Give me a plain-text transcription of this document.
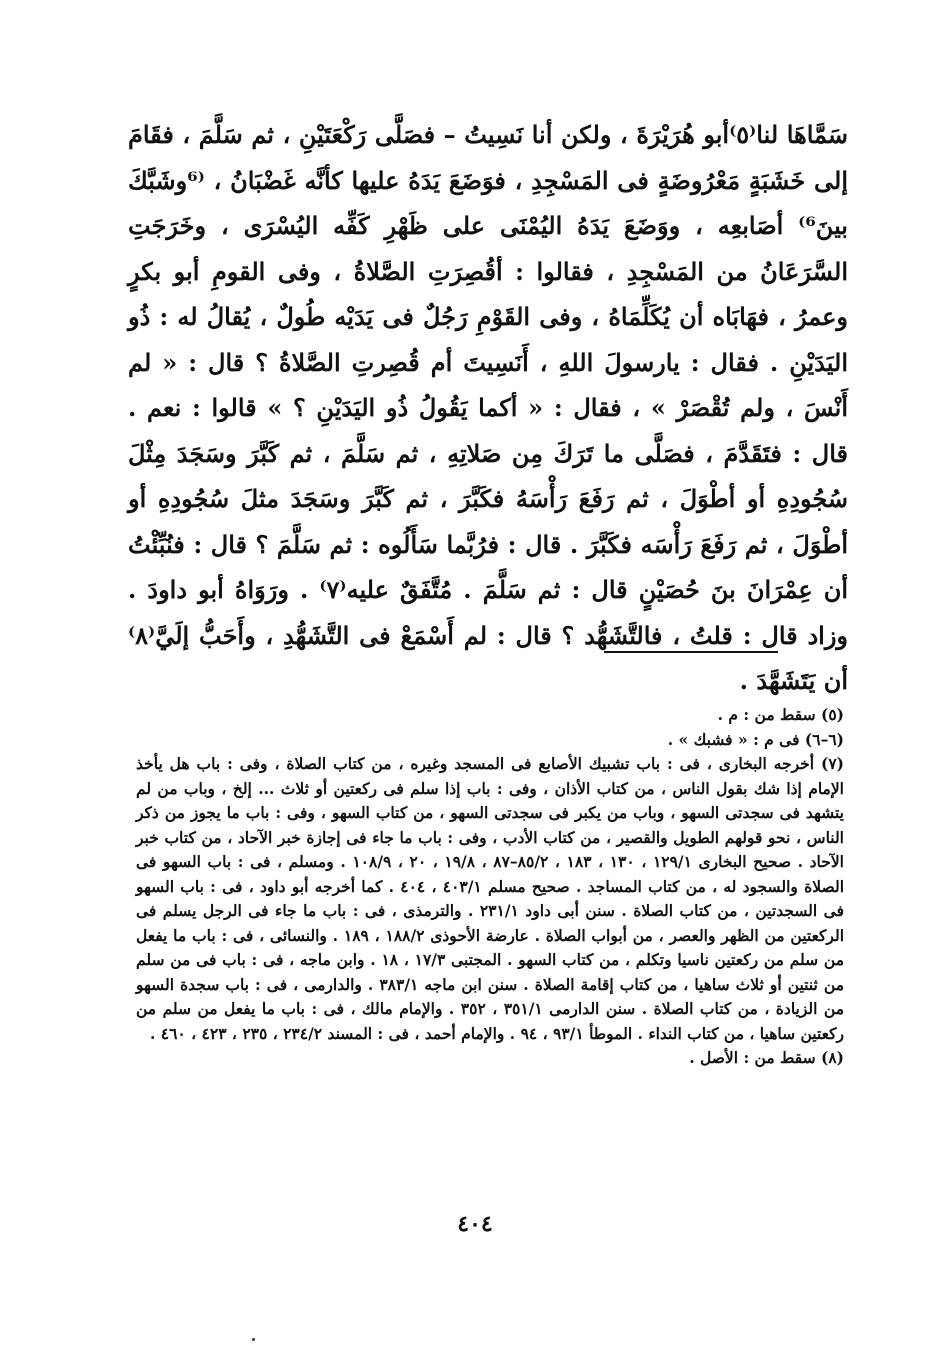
سَمَّاهَا لنا⁽٥⁾أبو هُرَيْرَةَ ، ولكن أنا نَسِيتُ – فصَلَّى رَكْعَتَيْنِ ، ثم سَلَّمَ ، فقَامَ إلى خَشَبَةٍ مَعْرُوضَةٍ فى المَسْجِدِ ، فوَضَعَ يَدَهُ عليها كأنَّه غَضْبَانُ ، ⁽⁶وشَبَّكَ بينَ⁶⁾ أصَابعِه ، ووَضَعَ يَدَهُ اليُمْنَى على ظَهْرِ كَفِّه اليُسْرَى ، وخَرَجَتِ السَّرَعَانُ من المَسْجِدِ ، فقالوا : أقُصِرَتِ الصَّلاةُ ، وفى القومِ أبو بكرٍ وعمرُ ، فهَابَاه أن يُكَلِّمَاهُ ، وفى القَوْمِ رَجُلٌ فى يَدَيْه طُولٌ ، يُقالُ له : ذُو اليَدَيْنِ . فقال : يارسولَ اللهِ ، أَنَسِيتَ أم قُصِرتِ الصَّلاةُ ؟ قال : « لم أَنْسَ ، ولم تُقْصَرْ » ، فقال : « أكما يَقُولُ ذُو اليَدَيْنِ ؟ » قالوا : نعم . قال : فتَقَدَّمَ ، فصَلَّى ما تَرَكَ مِن صَلاتِهِ ، ثم سَلَّمَ ، ثم كَبَّرَ وسَجَدَ مِثْلَ سُجُودِهِ أو أطْوَلَ ، ثم رَفَعَ رَأْسَهُ فكَبَّرَ ، ثم كَبَّرَ وسَجَدَ مثلَ سُجُودِهِ أو أطْوَلَ ، ثم رَفَعَ رَأْسَه فكَبَّرَ . قال : فرُبَّما سَأَلُوه : ثم سَلَّمَ ؟ قال : فنُبِّئْتُ أن عِمْرَانَ بنَ حُصَيْنٍ قال : ثم سَلَّمَ . مُتَّفَقٌ عليه⁽٧⁾ . ورَوَاهُ أبو داودَ . وزاد قال : قلتُ ، فالتَّشَهُّد ؟ قال : لم أَسْمَعْ فى التَّشَهُّدِ ، وأَحَبُّ إلَيَّ⁽٨⁾ أن يَتَشَهَّدَ .

(٥) سقط من : م .

(٦–٦) فى م : « فشبك » .

(٧) أخرجه البخارى ، فى : باب تشبيك الأصابع فى المسجد وغيره ، من كتاب الصلاة ، وفى : باب هل يأخذ الإمام إذا شك بقول الناس ، من كتاب الأذان ، وفى : باب إذا سلم فى ركعتين أو ثلاث ... إلخ ، وباب من لم يتشهد فى سجدتى السهو ، وباب من يكبر فى سجدتى السهو ، من كتاب السهو ، وفى : باب ما يجوز من ذكر الناس ، نحو قولهم الطويل والقصير ، من كتاب الأدب ، وفى : باب ما جاء فى إجازة خبر الآحاد ، من كتاب خبر الآحاد . صحيح البخارى ١٢٩/١ ، ١٣٠ ، ١٨٣ ، ٨٥/٢–٨٧ ، ١٩/٨ ، ٢٠ ، ١٠٨/٩ . ومسلم ، فى : باب السهو فى الصلاة والسجود له ، من كتاب المساجد . صحيح مسلم ٤٠٣/١ ، ٤٠٤ . كما أخرجه أبو داود ، فى : باب السهو فى السجدتين ، من كتاب الصلاة . سنن أبى داود ٢٣١/١ . والترمذى ، فى : باب ما جاء فى الرجل يسلم فى الركعتين من الظهر والعصر ، من أبواب الصلاة . عارضة الأحوذى ١٨٨/٢ ، ١٨٩ . والنسائى ، فى : باب ما يفعل من سلم من ركعتين ناسيا وتكلم ، من كتاب السهو . المجتبى ١٧/٣ ، ١٨ . وابن ماجه ، فى : باب فى من سلم من ثنتين أو ثلاث ساهيا ، من كتاب إقامة الصلاة . سنن ابن ماجه ٣٨٣/١ . والدارمى ، فى : باب سجدة السهو من الزيادة ، من كتاب الصلاة . سنن الدارمى ٣٥١/١ ، ٣٥٢ . والإمام مالك ، فى : باب ما يفعل من سلم من ركعتين ساهيا ، من كتاب النداء . الموطأ ٩٣/١ ، ٩٤ . والإمام أحمد ، فى : المسند ٢٣٤/٢ ، ٢٣٥ ، ٤٢٣ ، ٤٦٠ .

(٨) سقط من : الأصل .

٤٠٤
